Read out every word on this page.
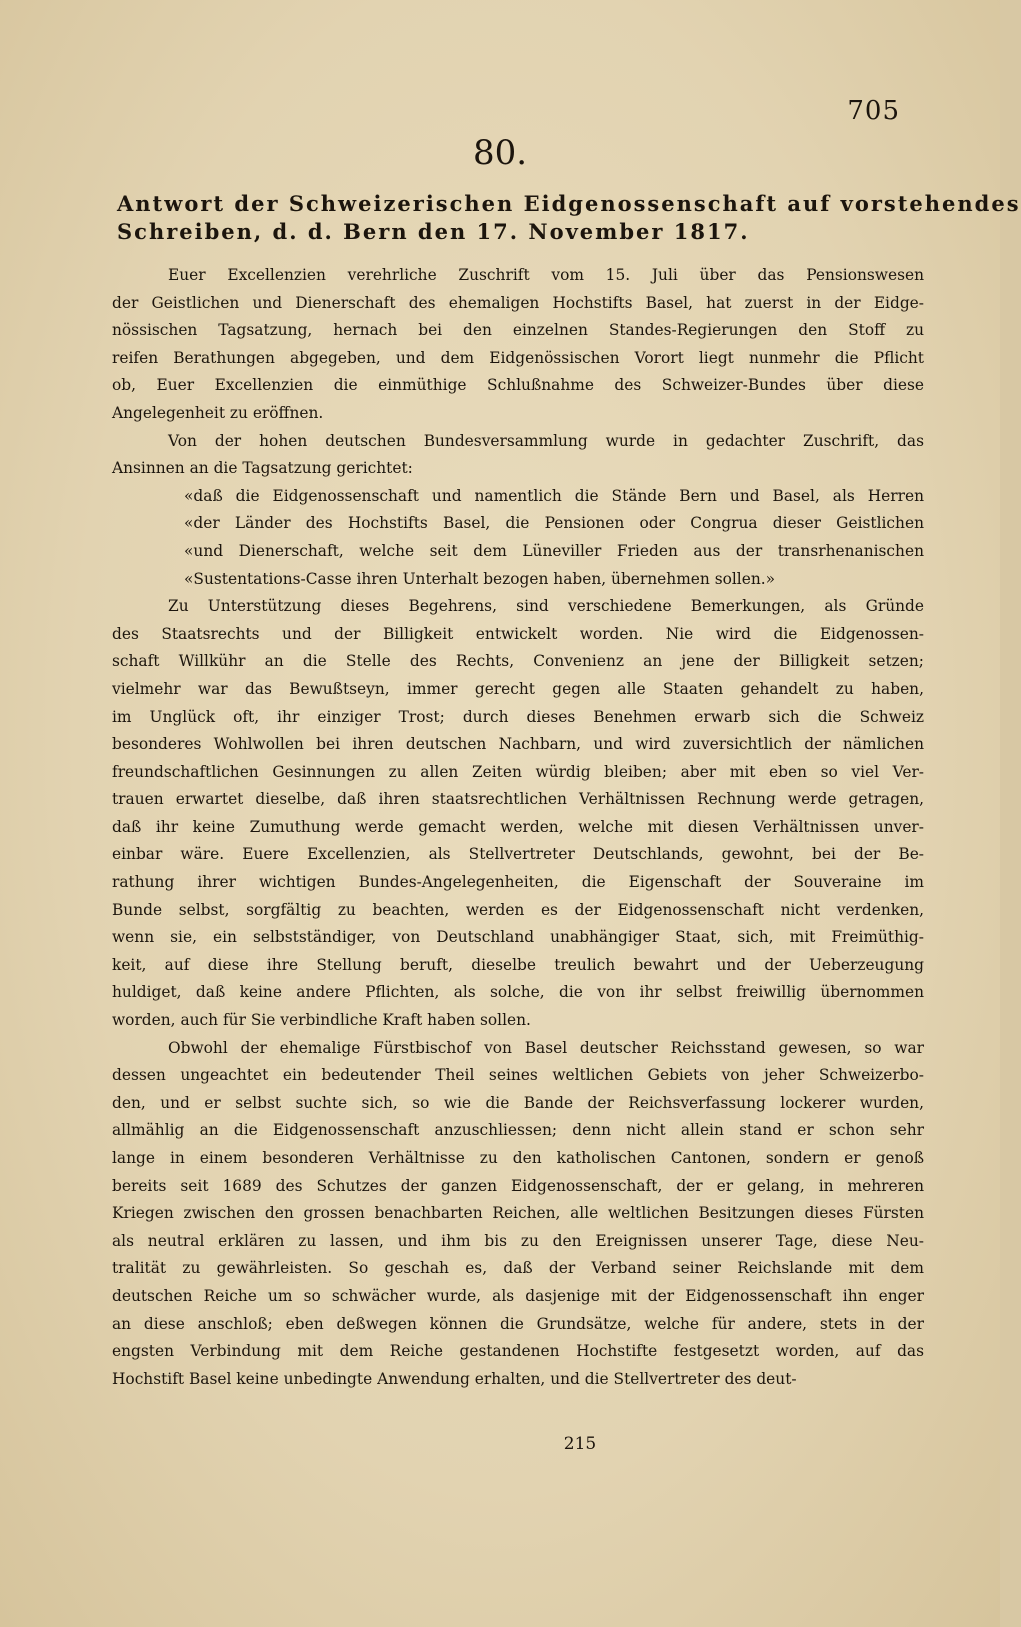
705
80.
Antwort der Schweizerischen Eidgenossenschaft auf vorstehendes
Schreiben, d. d. Bern den 17. November 1817.
Euer Excellenzien verehrliche Zuschrift vom 15. Juli über das Pensionswesen
der Geistlichen und Dienerschaft des ehemaligen Hochstifts Basel, hat zuerst in der Eidge-
nössischen Tagsatzung, hernach bei den einzelnen Standes-Regierungen den Stoff zu
reifen Berathungen abgegeben, und dem Eidgenössischen Vorort liegt nunmehr die Pflicht
ob, Euer Excellenzien die einmüthige Schlußnahme des Schweizer-Bundes über diese
Angelegenheit zu eröffnen.
Von der hohen deutschen Bundesversammlung wurde in gedachter Zuschrift, das
Ansinnen an die Tagsatzung gerichtet:
«daß die Eidgenossenschaft und namentlich die Stände Bern und Basel, als Herren
«der Länder des Hochstifts Basel, die Pensionen oder Congrua dieser Geistlichen
«und Dienerschaft, welche seit dem Lüneviller Frieden aus der transrhenanischen
«Sustentations-Casse ihren Unterhalt bezogen haben, übernehmen sollen.»
Zu Unterstützung dieses Begehrens, sind verschiedene Bemerkungen, als Gründe
des Staatsrechts und der Billigkeit entwickelt worden. Nie wird die Eidgenossen-
schaft Willkühr an die Stelle des Rechts, Convenienz an jene der Billigkeit setzen;
vielmehr war das Bewußtseyn, immer gerecht gegen alle Staaten gehandelt zu haben,
im Unglück oft, ihr einziger Trost; durch dieses Benehmen erwarb sich die Schweiz
besonderes Wohlwollen bei ihren deutschen Nachbarn, und wird zuversichtlich der nämlichen
freundschaftlichen Gesinnungen zu allen Zeiten würdig bleiben; aber mit eben so viel Ver-
trauen erwartet dieselbe, daß ihren staatsrechtlichen Verhältnissen Rechnung werde getragen,
daß ihr keine Zumuthung werde gemacht werden, welche mit diesen Verhältnissen unver-
einbar wäre. Euere Excellenzien, als Stellvertreter Deutschlands, gewohnt, bei der Be-
rathung ihrer wichtigen Bundes-Angelegenheiten, die Eigenschaft der Souveraine im
Bunde selbst, sorgfältig zu beachten, werden es der Eidgenossenschaft nicht verdenken,
wenn sie, ein selbstständiger, von Deutschland unabhängiger Staat, sich, mit Freimüthig-
keit, auf diese ihre Stellung beruft, dieselbe treulich bewahrt und der Ueberzeugung
huldiget, daß keine andere Pflichten, als solche, die von ihr selbst freiwillig übernommen
worden, auch für Sie verbindliche Kraft haben sollen.
Obwohl der ehemalige Fürstbischof von Basel deutscher Reichsstand gewesen, so war
dessen ungeachtet ein bedeutender Theil seines weltlichen Gebiets von jeher Schweizerbo-
den, und er selbst suchte sich, so wie die Bande der Reichsverfassung lockerer wurden,
allmählig an die Eidgenossenschaft anzuschliessen; denn nicht allein stand er schon sehr
lange in einem besonderen Verhältnisse zu den katholischen Cantonen, sondern er genoß
bereits seit 1689 des Schutzes der ganzen Eidgenossenschaft, der er gelang, in mehreren
Kriegen zwischen den grossen benachbarten Reichen, alle weltlichen Besitzungen dieses Fürsten
als neutral erklären zu lassen, und ihm bis zu den Ereignissen unserer Tage, diese Neu-
tralität zu gewährleisten. So geschah es, daß der Verband seiner Reichslande mit dem
deutschen Reiche um so schwächer wurde, als dasjenige mit der Eidgenossenschaft ihn enger
an diese anschloß; eben deßwegen können die Grundsätze, welche für andere, stets in der
engsten Verbindung mit dem Reiche gestandenen Hochstifte festgesetzt worden, auf das
Hochstift Basel keine unbedingte Anwendung erhalten, und die Stellvertreter des deut-
215
